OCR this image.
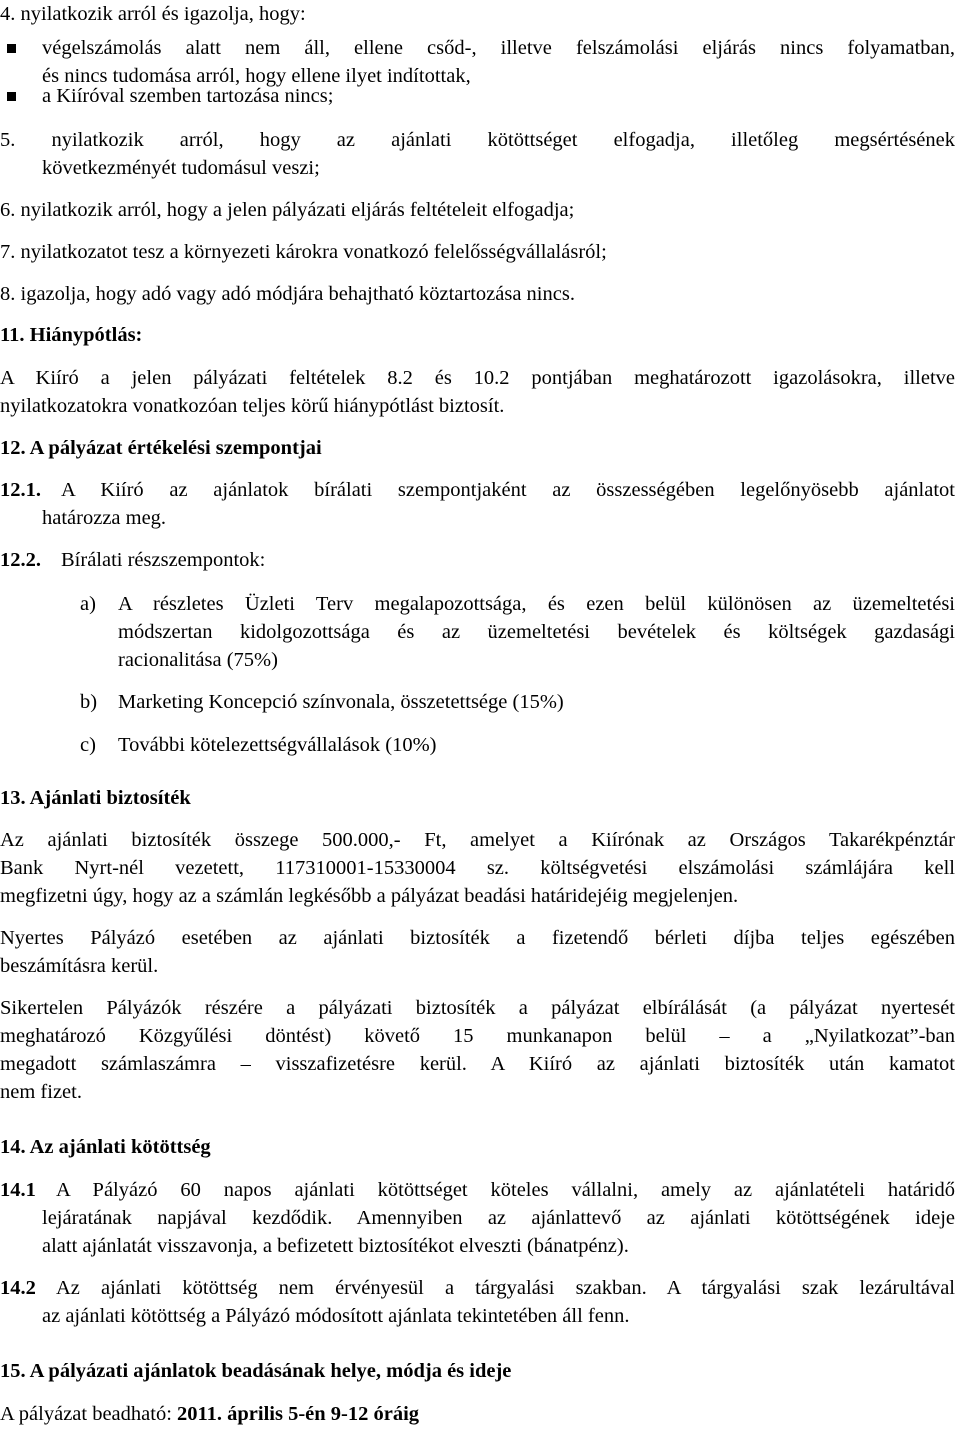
4. nyilatkozik arról és igazolja, hogy:
végelszámolás alatt nem áll, ellene csőd-, illetve felszámolási eljárás nincs folyamatban,
és nincs tudomása arról, hogy ellene ilyet indítottak,
a Kiíróval szemben tartozása nincs;
5. nyilatkozik arról, hogy az ajánlati kötöttséget elfogadja, illetőleg megsértésének
következményét tudomásul veszi;
6. nyilatkozik arról, hogy a jelen pályázati eljárás feltételeit elfogadja;
7. nyilatkozatot tesz a környezeti károkra vonatkozó felelősségvállalásról;
8. igazolja, hogy adó vagy adó módjára behajtható köztartozása nincs.
11. Hiánypótlás:
A Kiíró a jelen pályázati feltételek 8.2 és 10.2 pontjában meghatározott igazolásokra, illetve
nyilatkozatokra vonatkozóan teljes körű hiánypótlást biztosít.
12. A pályázat értékelési szempontjai
12.1. A Kiíró az ajánlatok bírálati szempontjaként az összességében legelőnyösebb ajánlatot
határozza meg.
12.2. Bírálati részszempontok:
a) A részletes Üzleti Terv megalapozottsága, és ezen belül különösen az üzemeltetési
módszertan kidolgozottsága és az üzemeltetési bevételek és költségek gazdasági
racionalitása (75%)
b) Marketing Koncepció színvonala, összetettsége (15%)
c) További kötelezettségvállalások (10%)
13. Ajánlati biztosíték
Az ajánlati biztosíték összege 500.000,- Ft, amelyet a Kiírónak az Országos Takarékpénztár
Bank Nyrt-nél vezetett, 117310001-15330004 sz. költségvetési elszámolási számlájára kell
megfizetni úgy, hogy az a számlán legkésőbb a pályázat beadási határidejéig megjelenjen.
Nyertes Pályázó esetében az ajánlati biztosíték a fizetendő bérleti díjba teljes egészében
beszámításra kerül.
Sikertelen Pályázók részére a pályázati biztosíték a pályázat elbírálását (a pályázat nyertesét
meghatározó Közgyűlési döntést) követő 15 munkanapon belül – a „Nyilatkozat”-ban
megadott számlaszámra – visszafizetésre kerül. A Kiíró az ajánlati biztosíték után kamatot
nem fizet.
14. Az ajánlati kötöttség
14.1 A Pályázó 60 napos ajánlati kötöttséget köteles vállalni, amely az ajánlatételi határidő
lejáratának napjával kezdődik. Amennyiben az ajánlattevő az ajánlati kötöttségének ideje
alatt ajánlatát visszavonja, a befizetett biztosítékot elveszti (bánatpénz).
14.2 Az ajánlati kötöttség nem érvényesül a tárgyalási szakban. A tárgyalási szak lezárultával
az ajánlati kötöttség a Pályázó módosított ajánlata tekintetében áll fenn.
15. A pályázati ajánlatok beadásának helye, módja és ideje
A pályázat beadható: 2011. április 5-én 9-12 óráig
